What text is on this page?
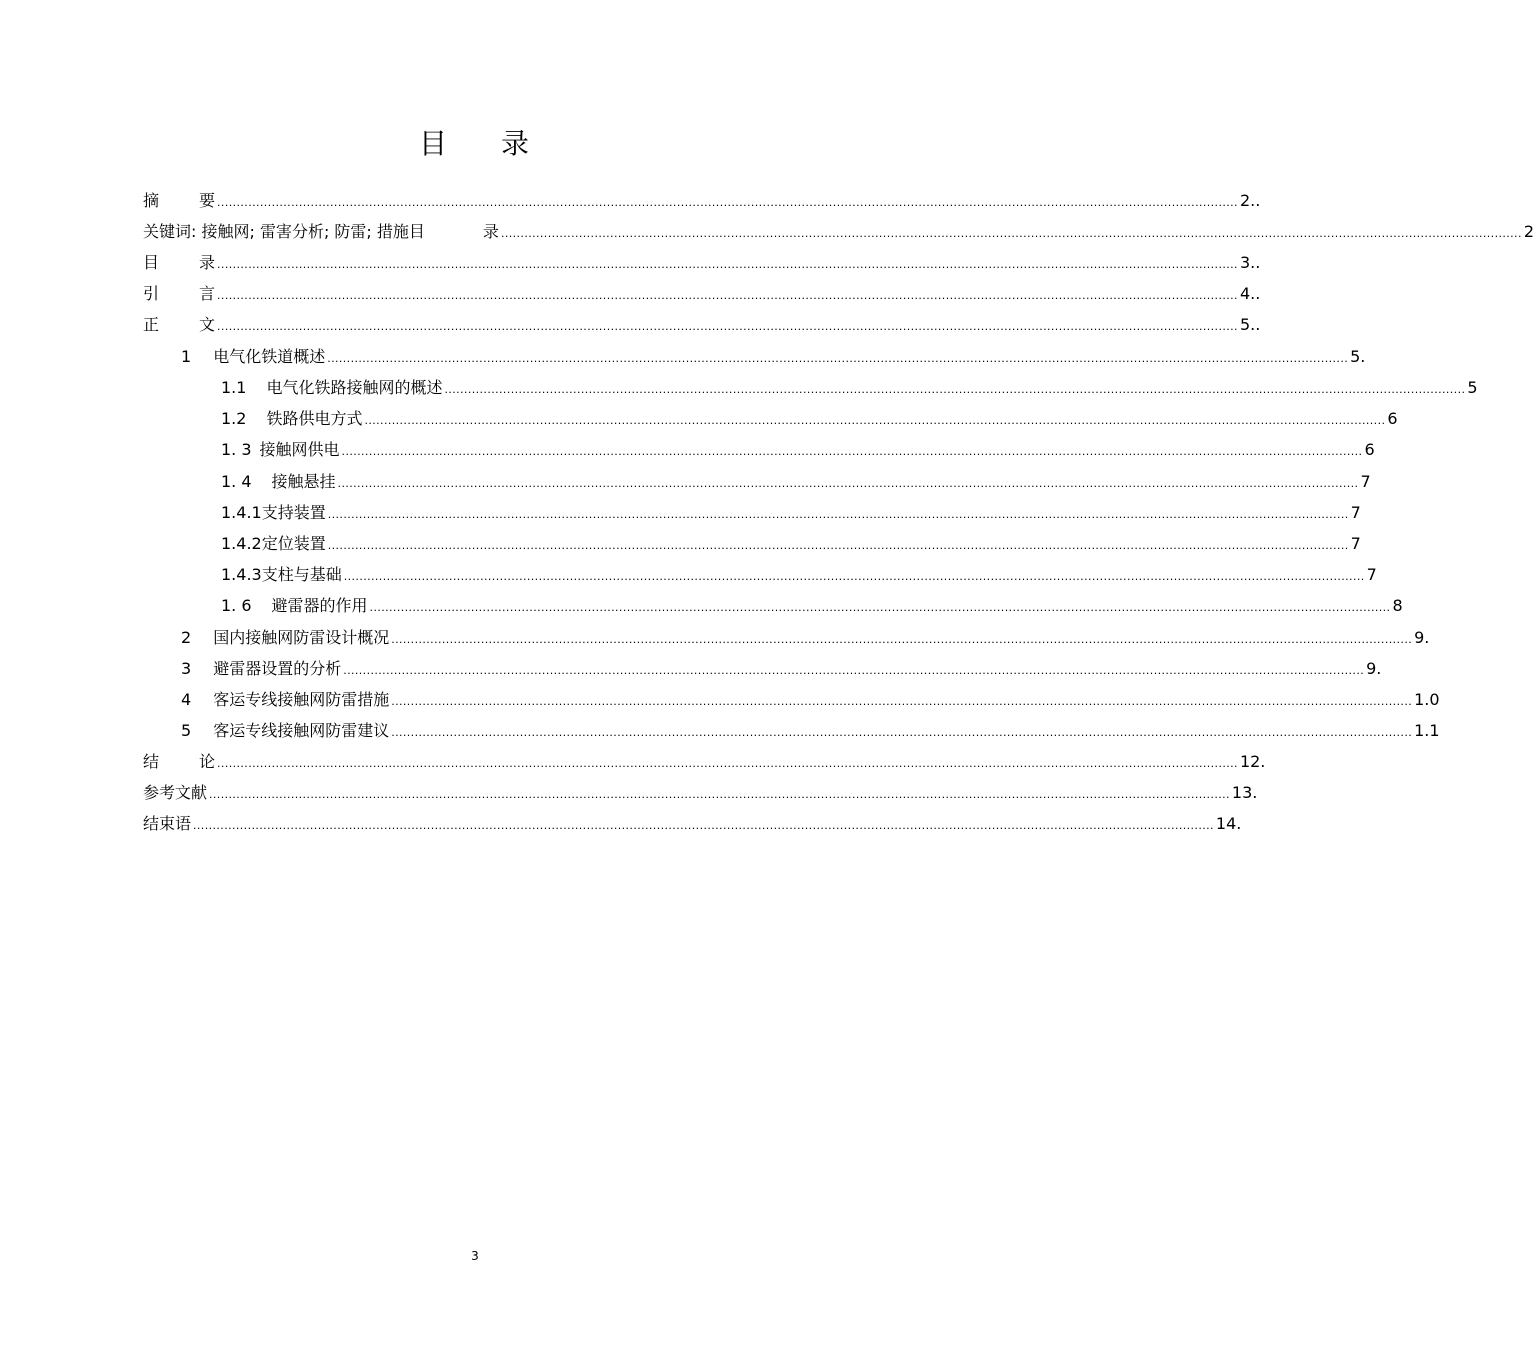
目 录
摘	要 ...................................................................................................................................................................................................................................................................... 2..
关键词: 接触网; 雷害分析; 防雷; 措施目	录 ...................................................................................................................................................................................................................................................................... 2
目	录 ...................................................................................................................................................................................................................................................................... 3..
引	言 ...................................................................................................................................................................................................................................................................... 4..
正	文 ...................................................................................................................................................................................................................................................................... 5..
1 电气化铁道概述 ...................................................................................................................................................................................................................................................................... 5.
1.1 电气化铁路接触网的概述 ...................................................................................................................................................................................................................................................................... 5
1.2 铁路供电方式 ...................................................................................................................................................................................................................................................................... 6
1. 3 接触网供电 ...................................................................................................................................................................................................................................................................... 6
1. 4 接触悬挂 ...................................................................................................................................................................................................................................................................... 7
1.4.1支持装置 ...................................................................................................................................................................................................................................................................... 7
1.4.2定位装置 ...................................................................................................................................................................................................................................................................... 7
1.4.3支柱与基础 ...................................................................................................................................................................................................................................................................... 7
1. 6 避雷器的作用 ...................................................................................................................................................................................................................................................................... 8
2 国内接触网防雷设计概况 ...................................................................................................................................................................................................................................................................... 9.
3 避雷器设置的分析 ...................................................................................................................................................................................................................................................................... 9.
4 客运专线接触网防雷措施 ...................................................................................................................................................................................................................................................................... 1.0
5 客运专线接触网防雷建议 ...................................................................................................................................................................................................................................................................... 1.1
结	论 ...................................................................................................................................................................................................................................................................... 12.
参考文献 ...................................................................................................................................................................................................................................................................... 13.
结束语 ...................................................................................................................................................................................................................................................................... 14.
3
